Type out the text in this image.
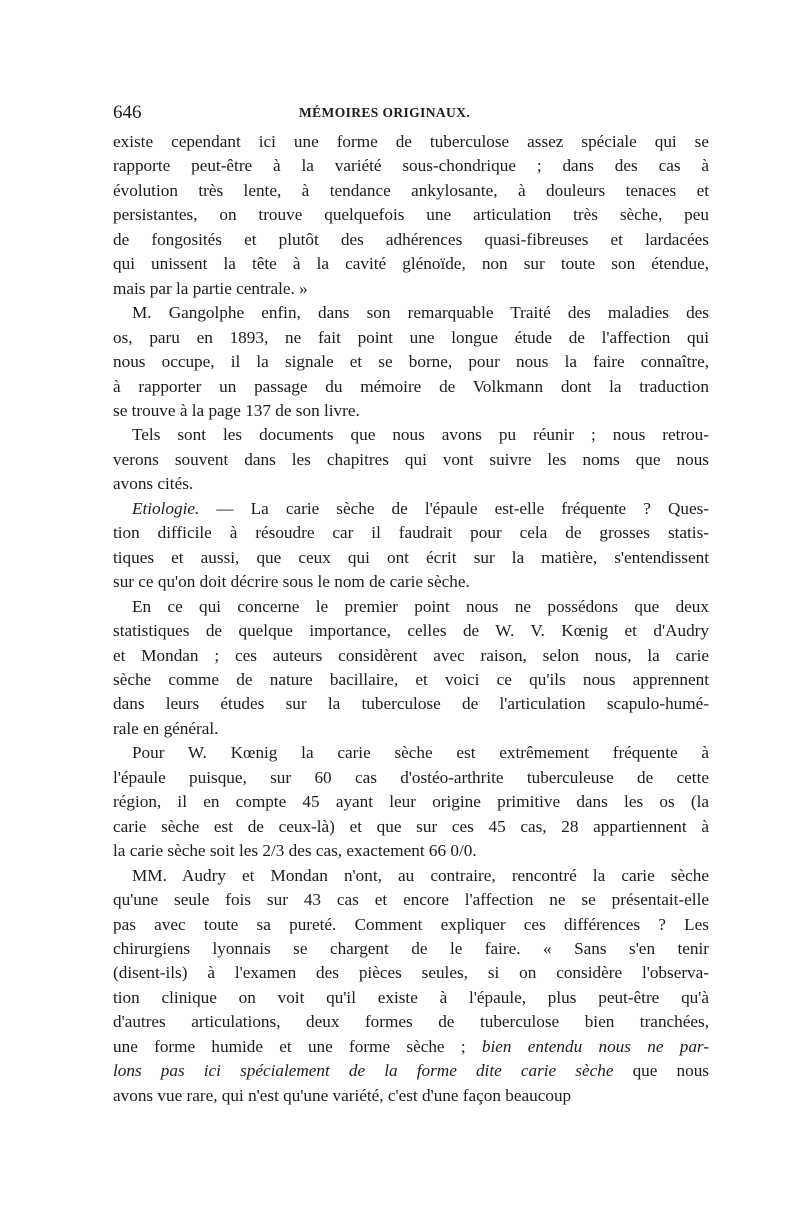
646	MÉMOIRES ORIGINAUX.
existe cependant ici une forme de tuberculose assez spéciale qui se
rapporte peut-être à la variété sous-chondrique ; dans des cas à
évolution très lente, à tendance ankylosante, à douleurs tenaces et
persistantes, on trouve quelquefois une articulation très sèche, peu
de fongosités et plutôt des adhérences quasi-fibreuses et lardacées
qui unissent la tête à la cavité glénoïde, non sur toute son étendue,
mais par la partie centrale. »
M. Gangolphe enfin, dans son remarquable Traité des maladies des
os, paru en 1893, ne fait point une longue étude de l'affection qui
nous occupe, il la signale et se borne, pour nous la faire connaître,
à rapporter un passage du mémoire de Volkmann dont la traduction
se trouve à la page 137 de son livre.
Tels sont les documents que nous avons pu réunir ; nous retrou-
verons souvent dans les chapitres qui vont suivre les noms que nous
avons cités.
Etiologie. — La carie sèche de l'épaule est-elle fréquente ? Ques-
tion difficile à résoudre car il faudrait pour cela de grosses statis-
tiques et aussi, que ceux qui ont écrit sur la matière, s'entendissent
sur ce qu'on doit décrire sous le nom de carie sèche.
En ce qui concerne le premier point nous ne possédons que deux
statistiques de quelque importance, celles de W. V. Kœnig et d'Audry
et Mondan ; ces auteurs considèrent avec raison, selon nous, la carie
sèche comme de nature bacillaire, et voici ce qu'ils nous apprennent
dans leurs études sur la tuberculose de l'articulation scapulo-humé-
rale en général.
Pour W. Kœnig la carie sèche est extrêmement fréquente à
l'épaule puisque, sur 60 cas d'ostéo-arthrite tuberculeuse de cette
région, il en compte 45 ayant leur origine primitive dans les os (la
carie sèche est de ceux-là) et que sur ces 45 cas, 28 appartiennent à
la carie sèche soit les 2/3 des cas, exactement 66 0/0.
MM. Audry et Mondan n'ont, au contraire, rencontré la carie sèche
qu'une seule fois sur 43 cas et encore l'affection ne se présentait-elle
pas avec toute sa pureté. Comment expliquer ces différences ? Les
chirurgiens lyonnais se chargent de le faire. « Sans s'en tenir
(disent-ils) à l'examen des pièces seules, si on considère l'observa-
tion clinique on voit qu'il existe à l'épaule, plus peut-être qu'à
d'autres articulations, deux formes de tuberculose bien tranchées,
une forme humide et une forme sèche ; bien entendu nous ne par-
lons pas ici spécialement de la forme dite carie sèche que nous
avons vue rare, qui n'est qu'une variété, c'est d'une façon beaucoup
